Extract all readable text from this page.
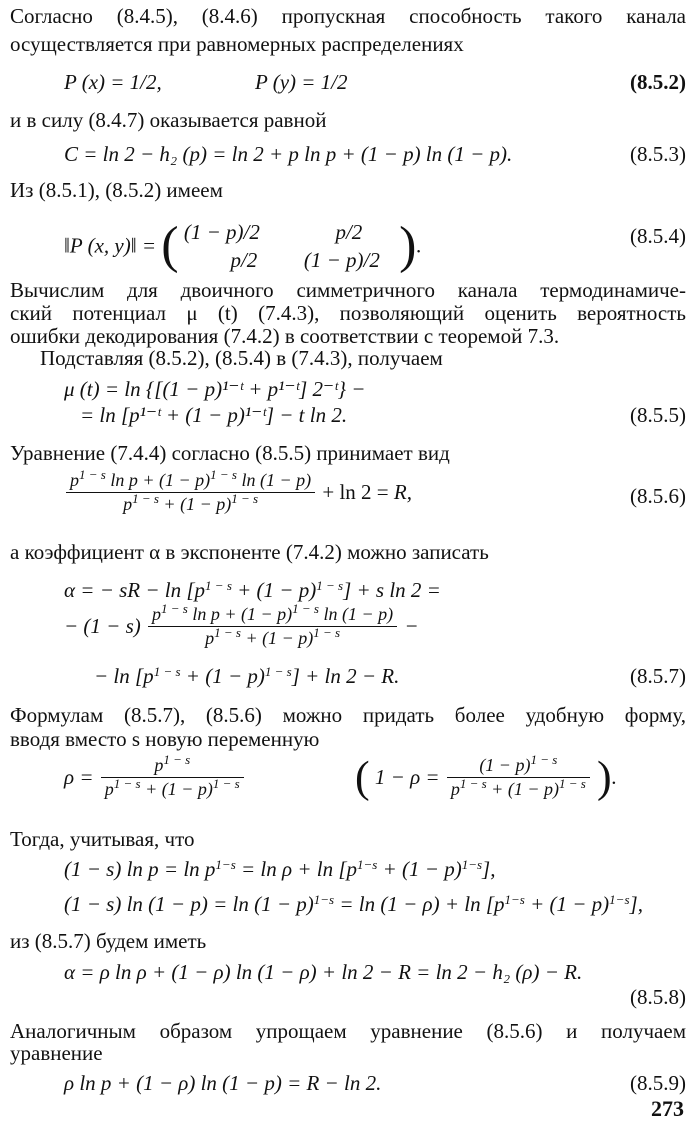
Согласно (8.4.5), (8.4.6) пропускная способность такого канала
осуществляется при равномерных распределениях
P (x) = 1/2,	P (y) = 1/2	(8.5.2)
и в силу (8.4.7) оказывается равной
C = ln 2 − h₂ (p) = ln 2 + p ln p + (1 − p) ln (1 − p).	(8.5.3)
Из (8.5.1), (8.5.2) имеем
‖P (x, y)‖ = ( (1 − p)/2	p/2
p/2 (1 − p)/2 ).	(8.5.4)
Вычислим для двоичного симметричного канала термодинамиче-
ский потенциал μ (t) (7.4.3), позволяющий оценить вероятность
ошибки декодирования (7.4.2) в соответствии с теоремой 7.3.
Подставляя (8.5.2), (8.5.4) в (7.4.3), получаем
μ (t) = ln {[(1 − p)¹⁻ᵗ + p¹⁻ᵗ] 2⁻ᵗ} −
= ln [p¹⁻ᵗ + (1 − p)¹⁻ᵗ] − t ln 2.	(8.5.5)
Уравнение (7.4.4) согласно (8.5.5) принимает вид
$\frac{p^{1 - s} \ln p + (1 - p)^{1 - s} \ln (1 - p)}{p^{1 - s} + (1 - p)^{1 - s}} + \ln 2 = R$,	(8.5.6)
а коэффициент α в экспоненте (7.4.2) можно записать
α = − sR − $\ln [p^{1 - s} + (1 - p)^{1 - s}] + s$ ln 2 =
− $(1 - s) \frac{p^{1 - s} \ln p + (1 - p)^{1 - s} \ln (1 - p)}{p^{1 - s} + (1 - p)^{1 - s}}$ −
− $\ln [p^{1 - s} + (1 - p)^{1 - s}] + \ln 2 - R$.	(8.5.7)
Формулам (8.5.7), (8.5.6) можно придать более удобную форму,
вводя вместо s новую переменную
$\rho = \frac{p^{1 - s}}{p^{1 - s} + (1 - p)^{1 - s}}$	( $1 - \rho = \frac{(1 - p)^{1 - s}}{p^{1 - s} + (1 - p)^{1 - s}}$ ).
Тогда, учитывая, что
(1 − s) $\ln p = \ln p^{1-s} = \ln \rho + \ln [p^{1-s} + (1 - p)^{1-s}]$,
(1 − s) $\ln (1 - p) = \ln (1 - p)^{1-s} = \ln (1 - \rho) + \ln [p^{1-s} + (1 - p)^{1-s}]$,
из (8.5.7) будем иметь
α = ρ ln ρ + (1 − ρ) ln (1 − ρ) + ln 2 − R = ln 2 − h₂ (ρ) − R.
(8.5.8)
Аналогичным образом упрощаем уравнение (8.5.6) и получаем
уравнение
ρ ln p + (1 − ρ) ln (1 − p) = R − ln 2.	(8.5.9)
273
